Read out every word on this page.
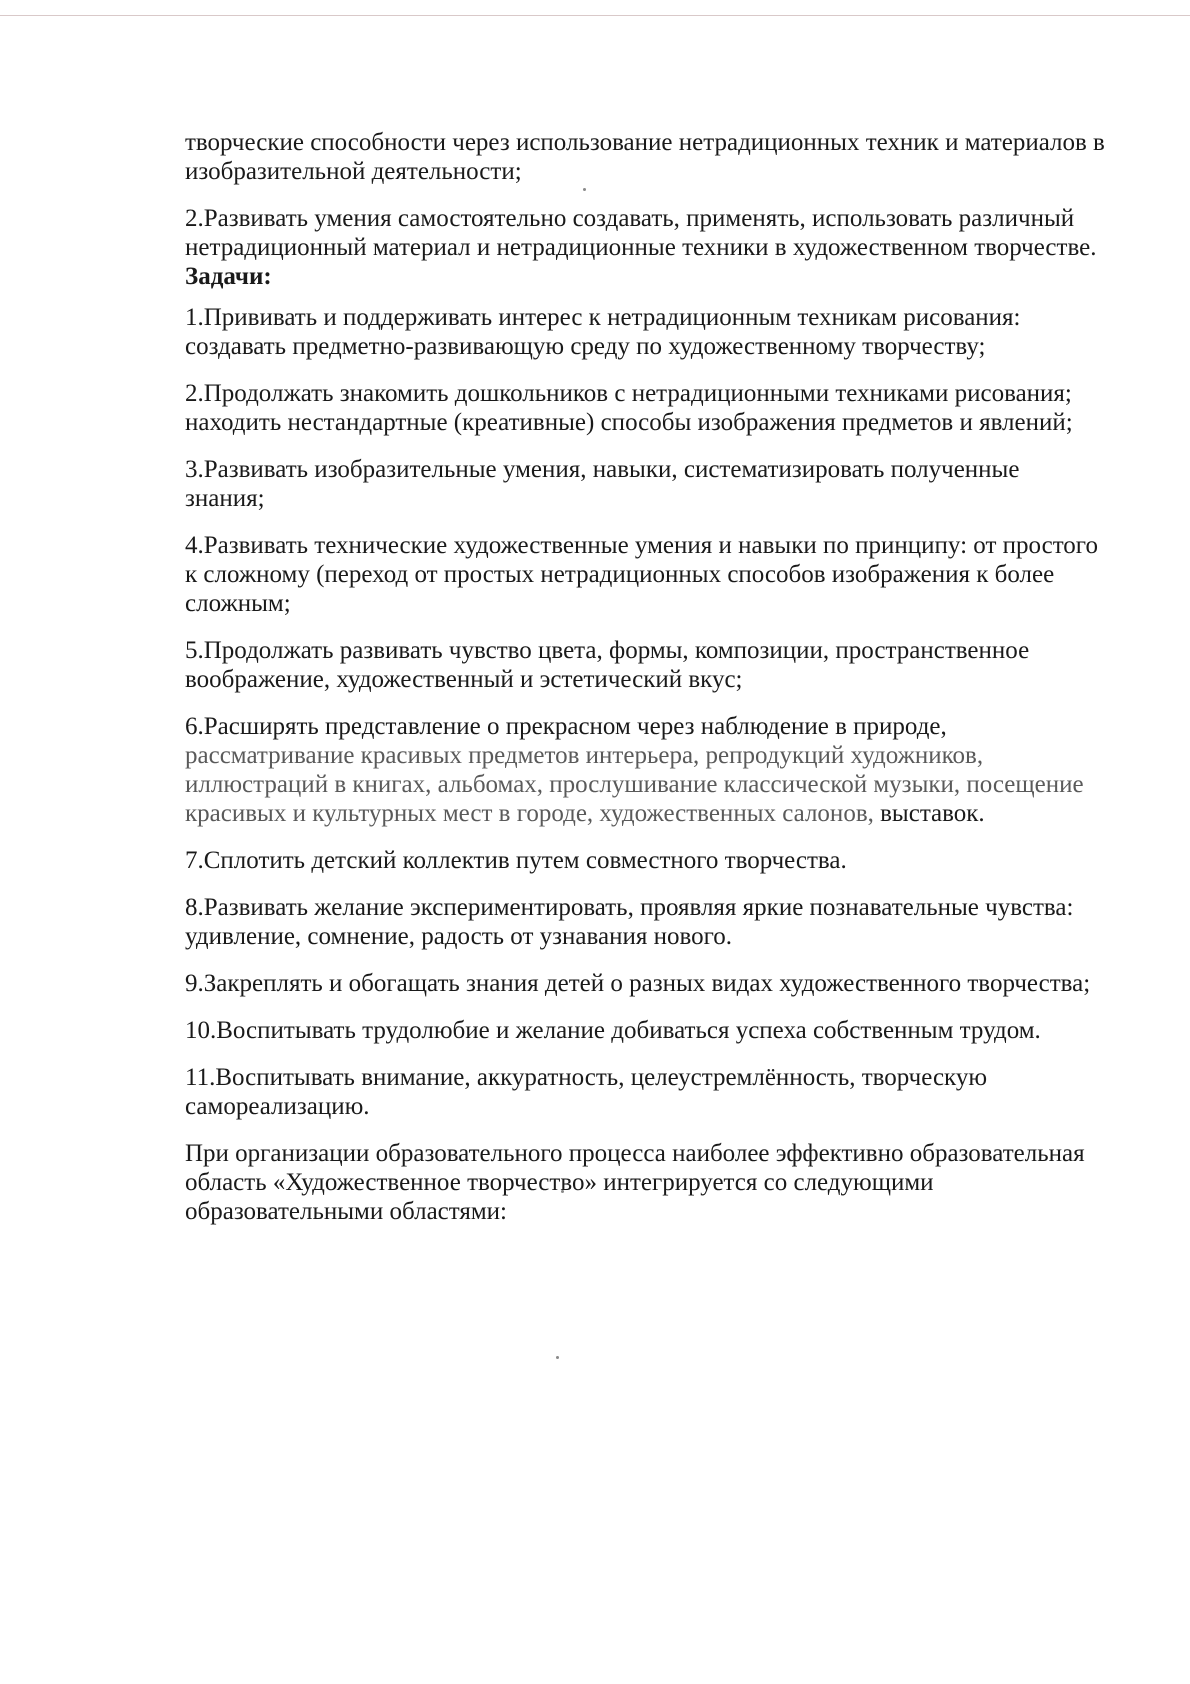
творческие способности через использование нетрадиционных техник и материалов в изобразительной деятельности;

2.Развивать умения самостоятельно создавать, применять, использовать различный нетрадиционный материал и нетрадиционные техники в художественном творчестве.

Задачи:

1.Прививать и поддерживать интерес к нетрадиционным техникам рисования: создавать предметно-развивающую среду по художественному творчеству;

2.Продолжать знакомить дошкольников с нетрадиционными техниками рисования; находить нестандартные (креативные) способы изображения предметов и явлений;

3.Развивать изобразительные умения, навыки, систематизировать полученные знания;

4.Развивать технические художественные умения и навыки по принципу: от простого к сложному (переход от простых нетрадиционных способов изображения к более сложным;

5.Продолжать развивать чувство цвета, формы, композиции, пространственное воображение, художественный и эстетический вкус;

6.Расширять представление о прекрасном через наблюдение в природе, рассматривание красивых предметов интерьера, репродукций художников, иллюстраций в книгах, альбомах, прослушивание классической музыки, посещение красивых и культурных мест в городе, художественных салонов, выставок.

7.Сплотить детский коллектив путем совместного творчества.

8.Развивать желание экспериментировать, проявляя яркие познавательные чувства: удивление, сомнение, радость от узнавания нового.

9.Закреплять и обогащать знания детей о разных видах художественного творчества;

10.Воспитывать трудолюбие и желание добиваться успеха собственным трудом.

11.Воспитывать внимание, аккуратность, целеустремлённость, творческую самореализацию.

При организации образовательного процесса наиболее эффективно образовательная область «Художественное творчество» интегрируется со следующими образовательными областями:
